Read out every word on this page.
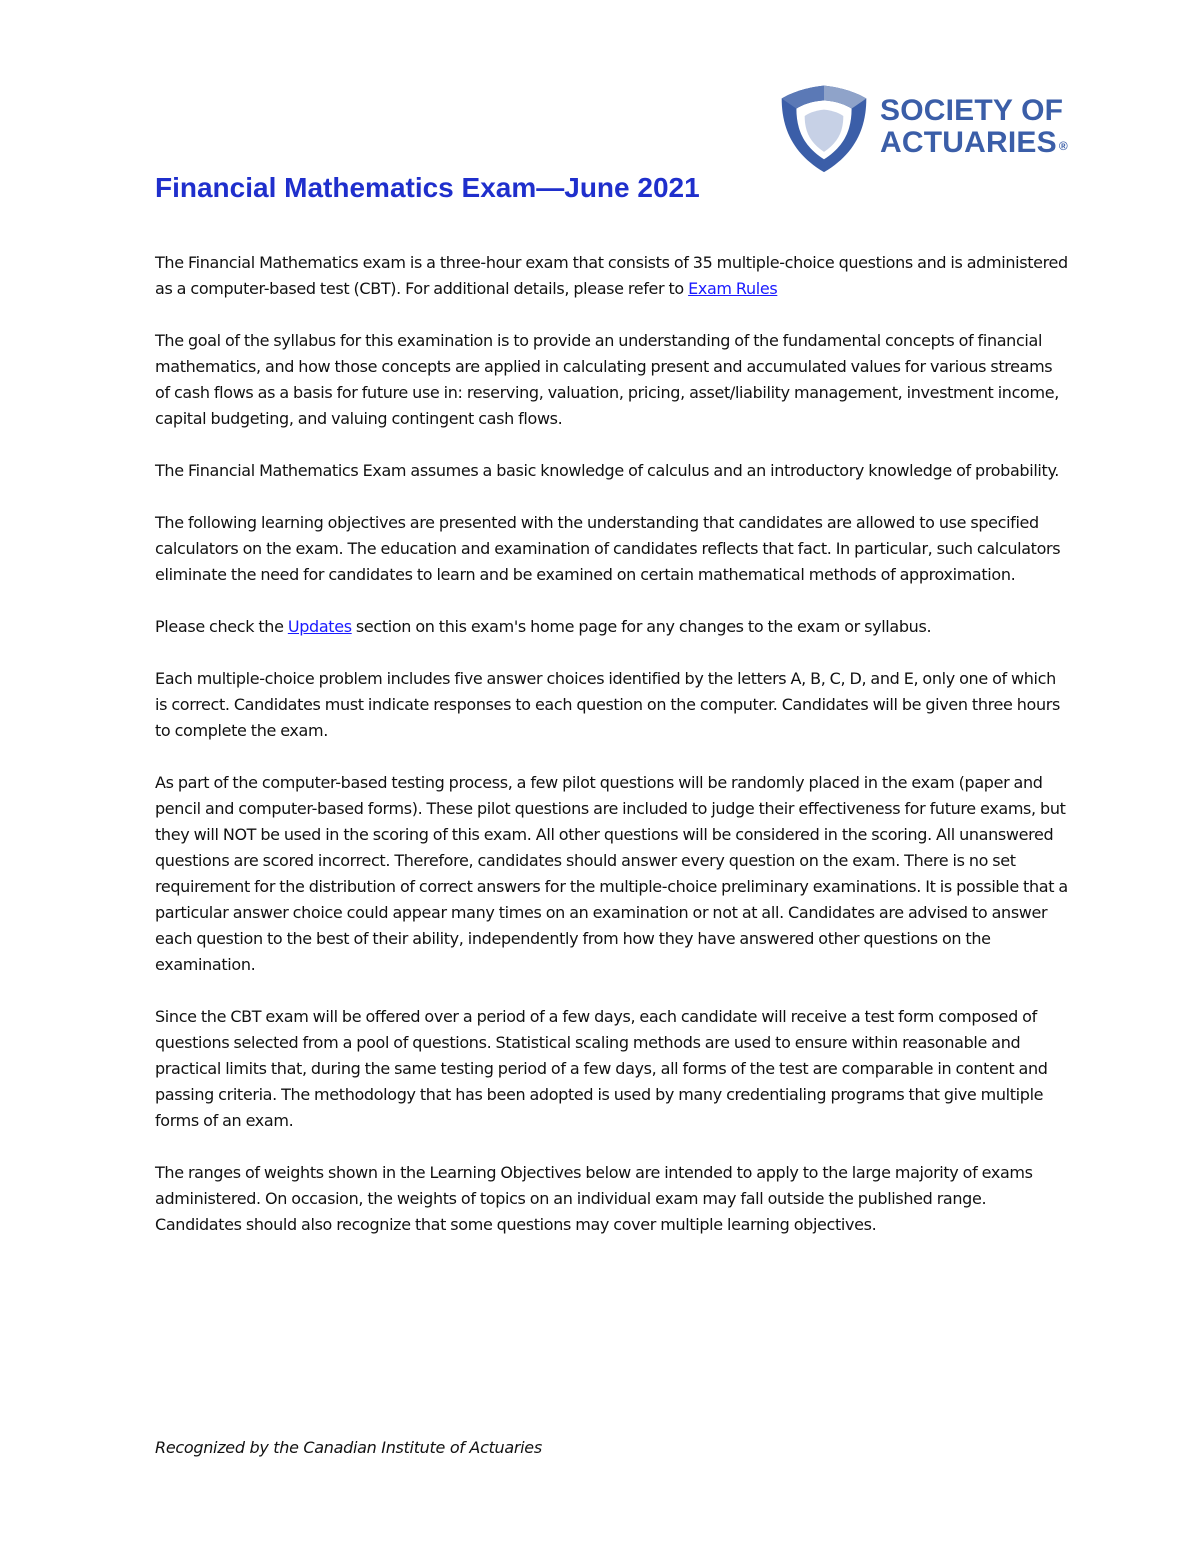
SOCIETY OF
ACTUARIES ®
Financial Mathematics Exam—June 2021

The Financial Mathematics exam is a three-hour exam that consists of 35 multiple-choice questions and is administered as a computer-based test (CBT). For additional details, please refer to Exam Rules

The goal of the syllabus for this examination is to provide an understanding of the fundamental concepts of financial mathematics, and how those concepts are applied in calculating present and accumulated values for various streams of cash flows as a basis for future use in: reserving, valuation, pricing, asset/liability management, investment income, capital budgeting, and valuing contingent cash flows.

The Financial Mathematics Exam assumes a basic knowledge of calculus and an introductory knowledge of probability.

The following learning objectives are presented with the understanding that candidates are allowed to use specified calculators on the exam. The education and examination of candidates reflects that fact. In particular, such calculators eliminate the need for candidates to learn and be examined on certain mathematical methods of approximation.

Please check the Updates section on this exam's home page for any changes to the exam or syllabus.

Each multiple-choice problem includes five answer choices identified by the letters A, B, C, D, and E, only one of which is correct. Candidates must indicate responses to each question on the computer. Candidates will be given three hours to complete the exam.

As part of the computer-based testing process, a few pilot questions will be randomly placed in the exam (paper and pencil and computer-based forms). These pilot questions are included to judge their effectiveness for future exams, but they will NOT be used in the scoring of this exam. All other questions will be considered in the scoring. All unanswered questions are scored incorrect. Therefore, candidates should answer every question on the exam. There is no set requirement for the distribution of correct answers for the multiple-choice preliminary examinations. It is possible that a particular answer choice could appear many times on an examination or not at all. Candidates are advised to answer each question to the best of their ability, independently from how they have answered other questions on the examination.

Since the CBT exam will be offered over a period of a few days, each candidate will receive a test form composed of questions selected from a pool of questions. Statistical scaling methods are used to ensure within reasonable and practical limits that, during the same testing period of a few days, all forms of the test are comparable in content and passing criteria. The methodology that has been adopted is used by many credentialing programs that give multiple forms of an exam.

The ranges of weights shown in the Learning Objectives below are intended to apply to the large majority of exams administered. On occasion, the weights of topics on an individual exam may fall outside the published range. Candidates should also recognize that some questions may cover multiple learning objectives.

Recognized by the Canadian Institute of Actuaries
